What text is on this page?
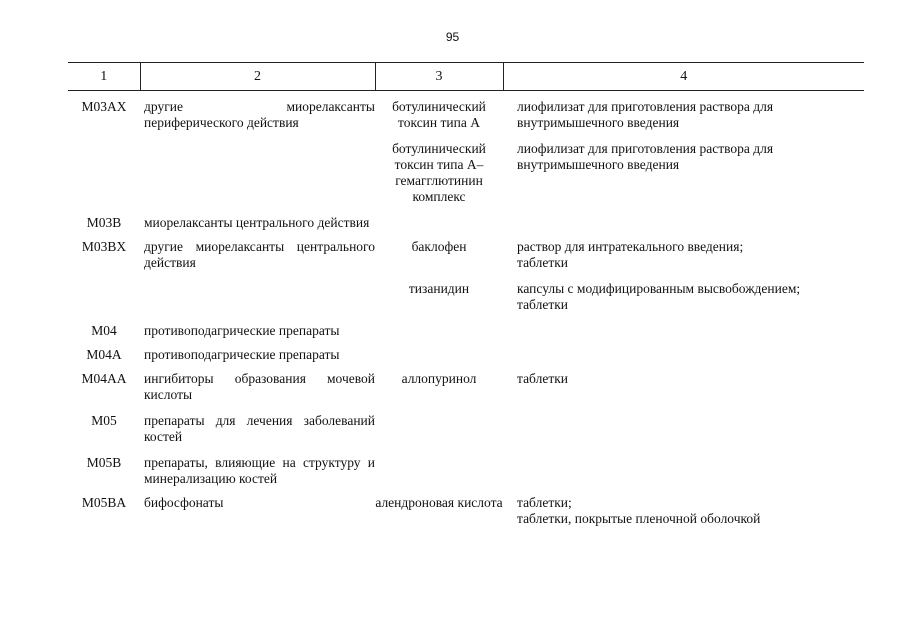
95
1	2	3	4
M03AX	другие миорелаксанты периферического действия	ботулинический токсин типа А	лиофилизат для приготовления раствора для внутримышечного введения

	ботулинический токсин типа А–гемагглютинин комплекс	лиофилизат для приготовления раствора для внутримышечного введения

M03B	миорелаксанты центрального действия		

M03BX	другие миорелаксанты центрального действия	баклофен	раствор для интратекального введения;
таблетки

	тизанидин	капсулы с модифицированным высвобождением;
таблетки

M04	противоподагрические препараты		

M04A	противоподагрические препараты		

M04AA	ингибиторы образования мочевой кислоты	аллопуринол	таблетки

M05	препараты для лечения заболеваний костей		

M05B	препараты, влияющие на структуру и минерализацию костей		

M05BA	бифосфонаты	алендроновая кислота	таблетки;
таблетки, покрытые пленочной оболочкой
